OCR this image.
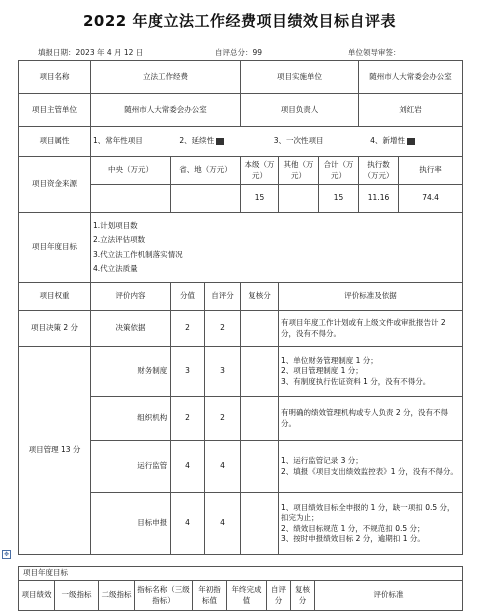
2022 年度立法工作经费项目绩效目标自评表
填报日期：2023 年 4 月 12 日	自评总分：99	单位领导审签：
项目名称	立法工作经费				项目实施单位			随州市人大常委会办公室	
项目主管单位	随州市人大常委会办公室				项目负责人			刘红岩	
项目属性	1、常年性项目 2、延续性 3、一次性项目 4、新增性								
项目资金来源	中央（万元）		省、地（万元）		本级（万元）	其他（万元）	合计（万元）	执行数（万元）	执行率
					15		15	11.16	74.4
项目年度目标	1.计划项目数
2.立法评估项数
3.代立法工作机制落实情况
4.代立法质量								

项目权重	评价内容		分值	自评分	复核分	评价标准及依据			
项目决策 2 分	决策依据		2	2		有项目年度工作计划或有上级文件或审批报告计 2 分，没有不得分。			
项目管理 13 分		财务制度	3	3		1、单位财务管理制度 1 分；
2、项目管理制度 1 分；
3、有制度执行佐证资料 1 分，没有不得分。			

		组织机构	2	2		有明确的绩效管理机构或专人负责 2 分，没有不得分。			

		运行监管	4	4		1、运行监管记录 3 分；
2、填报《项目支出绩效监控表》1 分，没有不得分。			

		目标申报	4	4		1、项目绩效目标全申报的 1 分，缺一项扣 0.5 分，扣完为止；
2、绩效目标规范 1 分，不规范扣 0.5 分；
3、按时申报绩效目标 2 分，逾期扣 1 分。			
✥
项目年度目标
项目绩效	一级指标	二级指标	指标名称（三级指标）	年初指标值	年终完成值	自评分	复核分	评价标准
